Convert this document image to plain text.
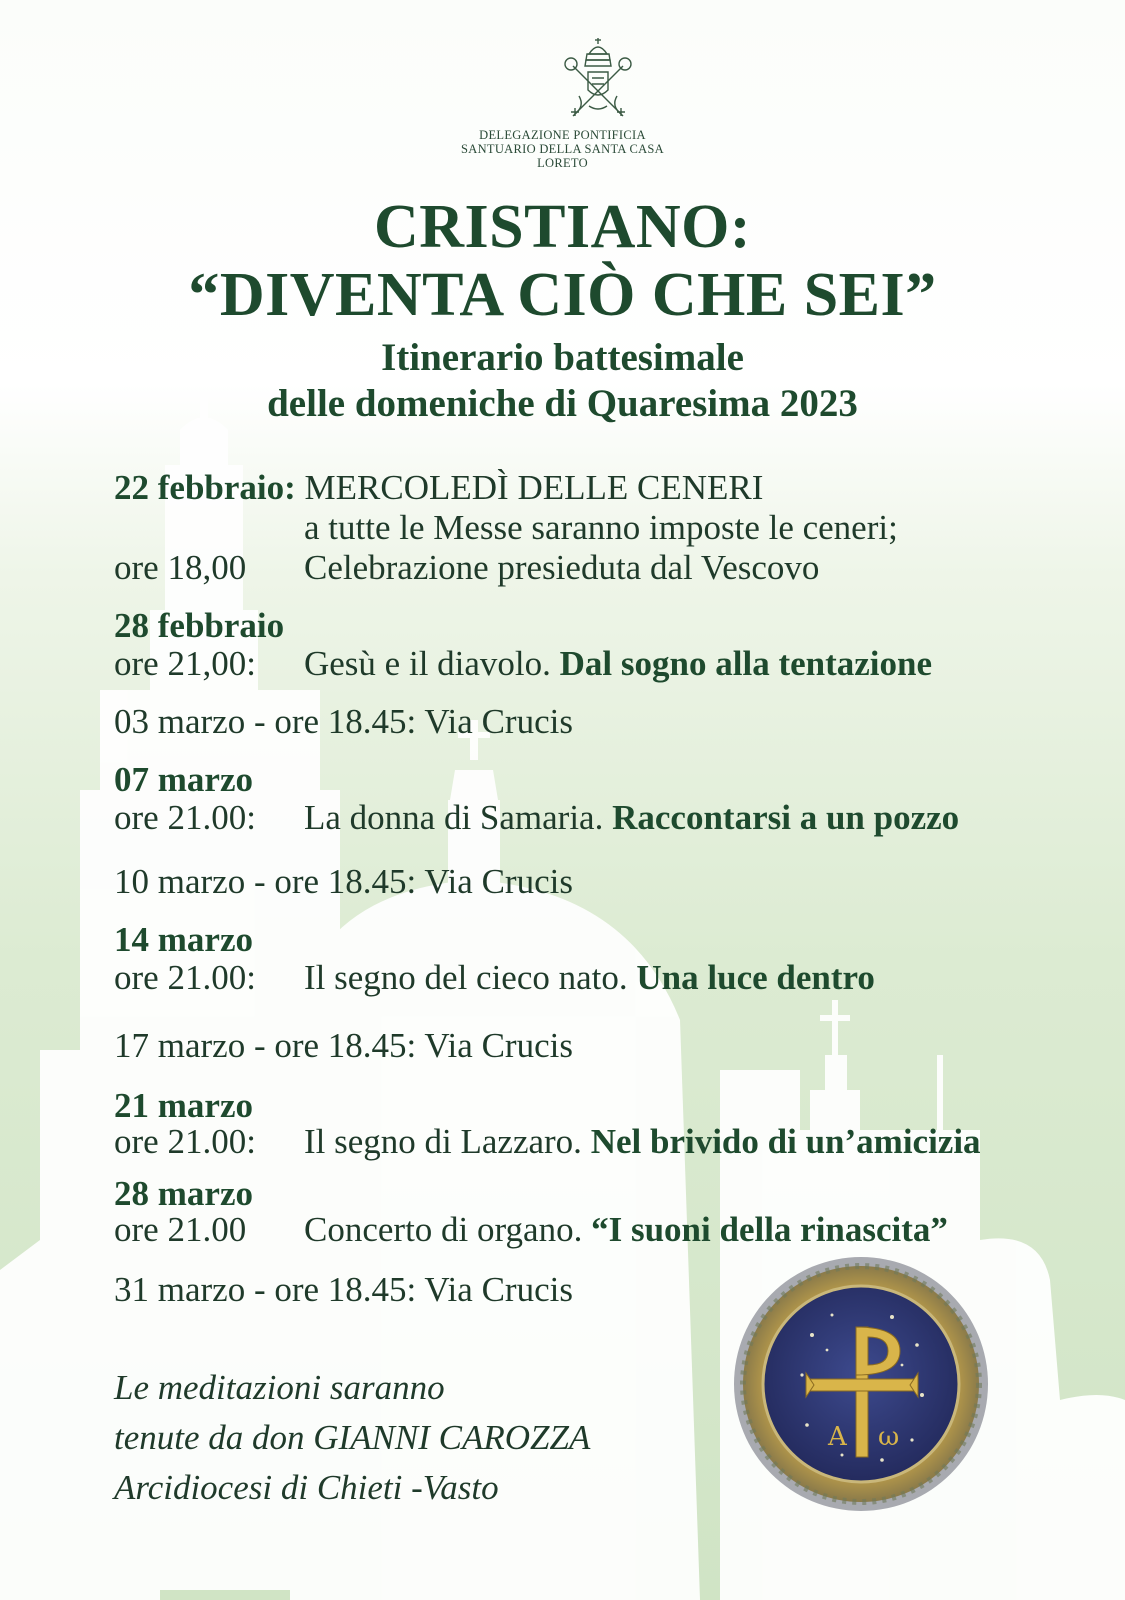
DELEGAZIONE PONTIFICIA
SANTUARIO DELLA SANTA CASA
LORETO
CRISTIANO:
“DIVENTA CIÒ CHE SEI”
Itinerario battesimale
delle domeniche di Quaresima 2023
22 febbraio: MERCOLEDÌ DELLE CENERI
a tutte le Messe saranno imposte le ceneri;
ore 18,00 Celebrazione presieduta dal Vescovo
28 febbraio
ore 21,00: Gesù e il diavolo. Dal sogno alla tentazione
03 marzo - ore 18.45: Via Crucis
07 marzo
ore 21.00: La donna di Samaria. Raccontarsi a un pozzo
10 marzo - ore 18.45: Via Crucis
14 marzo
ore 21.00: Il segno del cieco nato. Una luce dentro
17 marzo - ore 18.45: Via Crucis
21 marzo
ore 21.00: Il segno di Lazzaro. Nel brivido di un’amicizia
28 marzo
ore 21.00 Concerto di organo. “I suoni della rinascita”
31 marzo - ore 18.45: Via Crucis
Le meditazioni saranno
tenute da don GIANNI CAROZZA
Arcidiocesi di Chieti -Vasto
A ω
